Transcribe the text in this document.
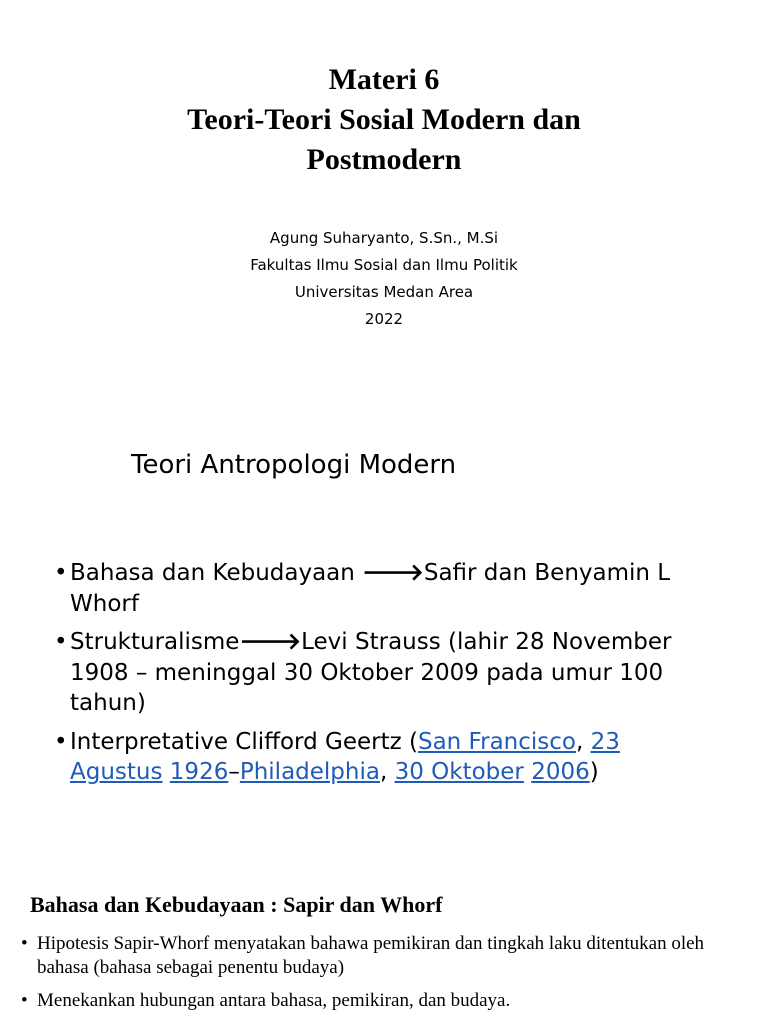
Materi 6
Teori-Teori Sosial Modern dan
Postmodern
Agung Suharyanto, S.Sn., M.Si
Fakultas Ilmu Sosial dan Ilmu Politik
Universitas Medan Area
2022
Teori Antropologi Modern
• Bahasa dan Kebudayaan 🡒Safir dan Benyamin L Whorf
• Strukturalisme🡒Levi Strauss (lahir 28 November 1908 – meninggal 30 Oktober 2009 pada umur 100 tahun)
• Interpretative Clifford Geertz (San Francisco, 23 Agustus 1926–Philadelphia, 30 Oktober 2006)
Bahasa dan Kebudayaan : Sapir dan Whorf
• Hipotesis Sapir-Whorf menyatakan bahawa pemikiran dan tingkah laku ditentukan oleh bahasa (bahasa sebagai penentu budaya)
• Menekankan hubungan antara bahasa, pemikiran, dan budaya.
